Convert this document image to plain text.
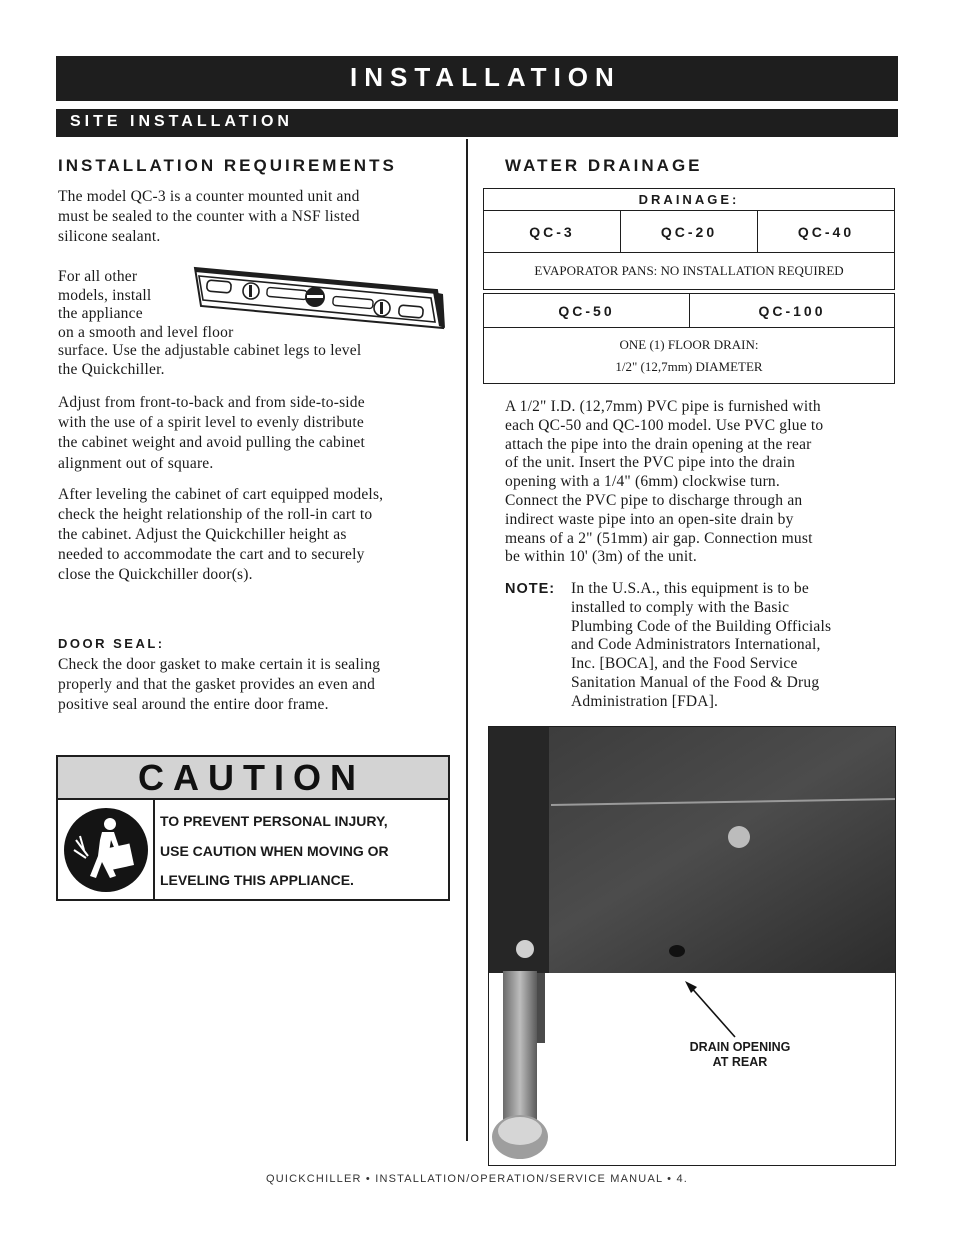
INSTALLATION
SITE INSTALLATION
INSTALLATION REQUIREMENTS
The model QC-3 is a counter mounted unit and
must be sealed to the counter with a NSF listed
silicone sealant.
For all other
models, install
the appliance
on a smooth and level floor
surface. Use the adjustable cabinet legs to level
the Quickchiller.
Adjust from front-to-back and from side-to-side
with the use of a spirit level to evenly distribute
the cabinet weight and avoid pulling the cabinet
alignment out of square.
After leveling the cabinet of cart equipped models,
check the height relationship of the roll-in cart to
the cabinet. Adjust the Quickchiller height as
needed to accommodate the cart and to securely
close the Quickchiller door(s).
DOOR SEAL:
Check the door gasket to make certain it is sealing
properly and that the gasket provides an even and
positive seal around the entire door frame.
CAUTION
TO PREVENT PERSONAL INJURY,
USE CAUTION WHEN MOVING OR
LEVELING THIS APPLIANCE.
WATER DRAINAGE
DRAINAGE:
QC-3	QC-20	QC-40
EVAPORATOR PANS: NO INSTALLATION REQUIRED
QC-50	QC-100
ONE (1) FLOOR DRAIN:
1/2" (12,7mm) DIAMETER
A 1/2" I.D. (12,7mm) PVC pipe is furnished with
each QC-50 and QC-100 model. Use PVC glue to
attach the pipe into the drain opening at the rear
of the unit. Insert the PVC pipe into the drain
opening with a 1/4" (6mm) clockwise turn.
Connect the PVC pipe to discharge through an
indirect waste pipe into an open-site drain by
means of a 2" (51mm) air gap. Connection must
be within 10' (3m) of the unit.
NOTE: In the U.S.A., this equipment is to be
installed to comply with the Basic
Plumbing Code of the Building Officials
and Code Administrators International,
Inc. [BOCA], and the Food Service
Sanitation Manual of the Food & Drug
Administration [FDA].
DRAIN OPENING
AT REAR
QUICKCHILLER • INSTALLATION/OPERATION/SERVICE MANUAL • 4.
